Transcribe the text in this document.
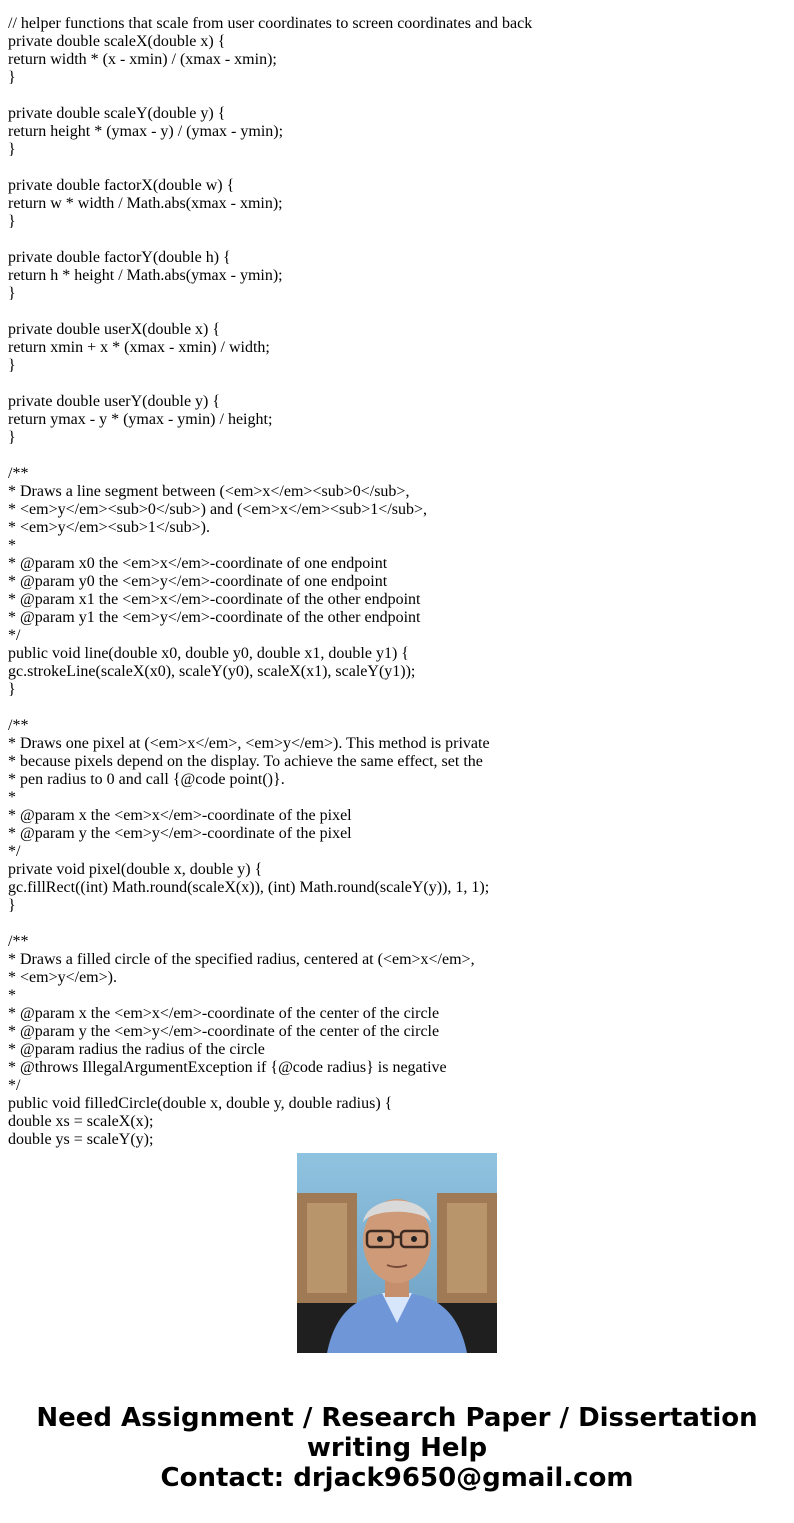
// helper functions that scale from user coordinates to screen coordinates and back
private double scaleX(double x) {
return width * (x - xmin) / (xmax - xmin);
}
private double scaleY(double y) {
return height * (ymax - y) / (ymax - ymin);
}
private double factorX(double w) {
return w * width / Math.abs(xmax - xmin);
}
private double factorY(double h) {
return h * height / Math.abs(ymax - ymin);
}
private double userX(double x) {
return xmin + x * (xmax - xmin) / width;
}
private double userY(double y) {
return ymax - y * (ymax - ymin) / height;
}
/**
* Draws a line segment between (<em>x</em><sub>0</sub>,
* <em>y</em><sub>0</sub>) and (<em>x</em><sub>1</sub>,
* <em>y</em><sub>1</sub>).
*
* @param x0 the <em>x</em>-coordinate of one endpoint
* @param y0 the <em>y</em>-coordinate of one endpoint
* @param x1 the <em>x</em>-coordinate of the other endpoint
* @param y1 the <em>y</em>-coordinate of the other endpoint
*/
public void line(double x0, double y0, double x1, double y1) {
gc.strokeLine(scaleX(x0), scaleY(y0), scaleX(x1), scaleY(y1));
}
/**
* Draws one pixel at (<em>x</em>, <em>y</em>). This method is private
* because pixels depend on the display. To achieve the same effect, set the
* pen radius to 0 and call {@code point()}.
*
* @param x the <em>x</em>-coordinate of the pixel
* @param y the <em>y</em>-coordinate of the pixel
*/
private void pixel(double x, double y) {
gc.fillRect((int) Math.round(scaleX(x)), (int) Math.round(scaleY(y)), 1, 1);
}
/**
* Draws a filled circle of the specified radius, centered at (<em>x</em>,
* <em>y</em>).
*
* @param x the <em>x</em>-coordinate of the center of the circle
* @param y the <em>y</em>-coordinate of the center of the circle
* @param radius the radius of the circle
* @throws IllegalArgumentException if {@code radius} is negative
*/
public void filledCircle(double x, double y, double radius) {
double xs = scaleX(x);
double ys = scaleY(y);
Need Assignment / Research Paper / Dissertation
writing Help
Contact: drjack9650@gmail.com
